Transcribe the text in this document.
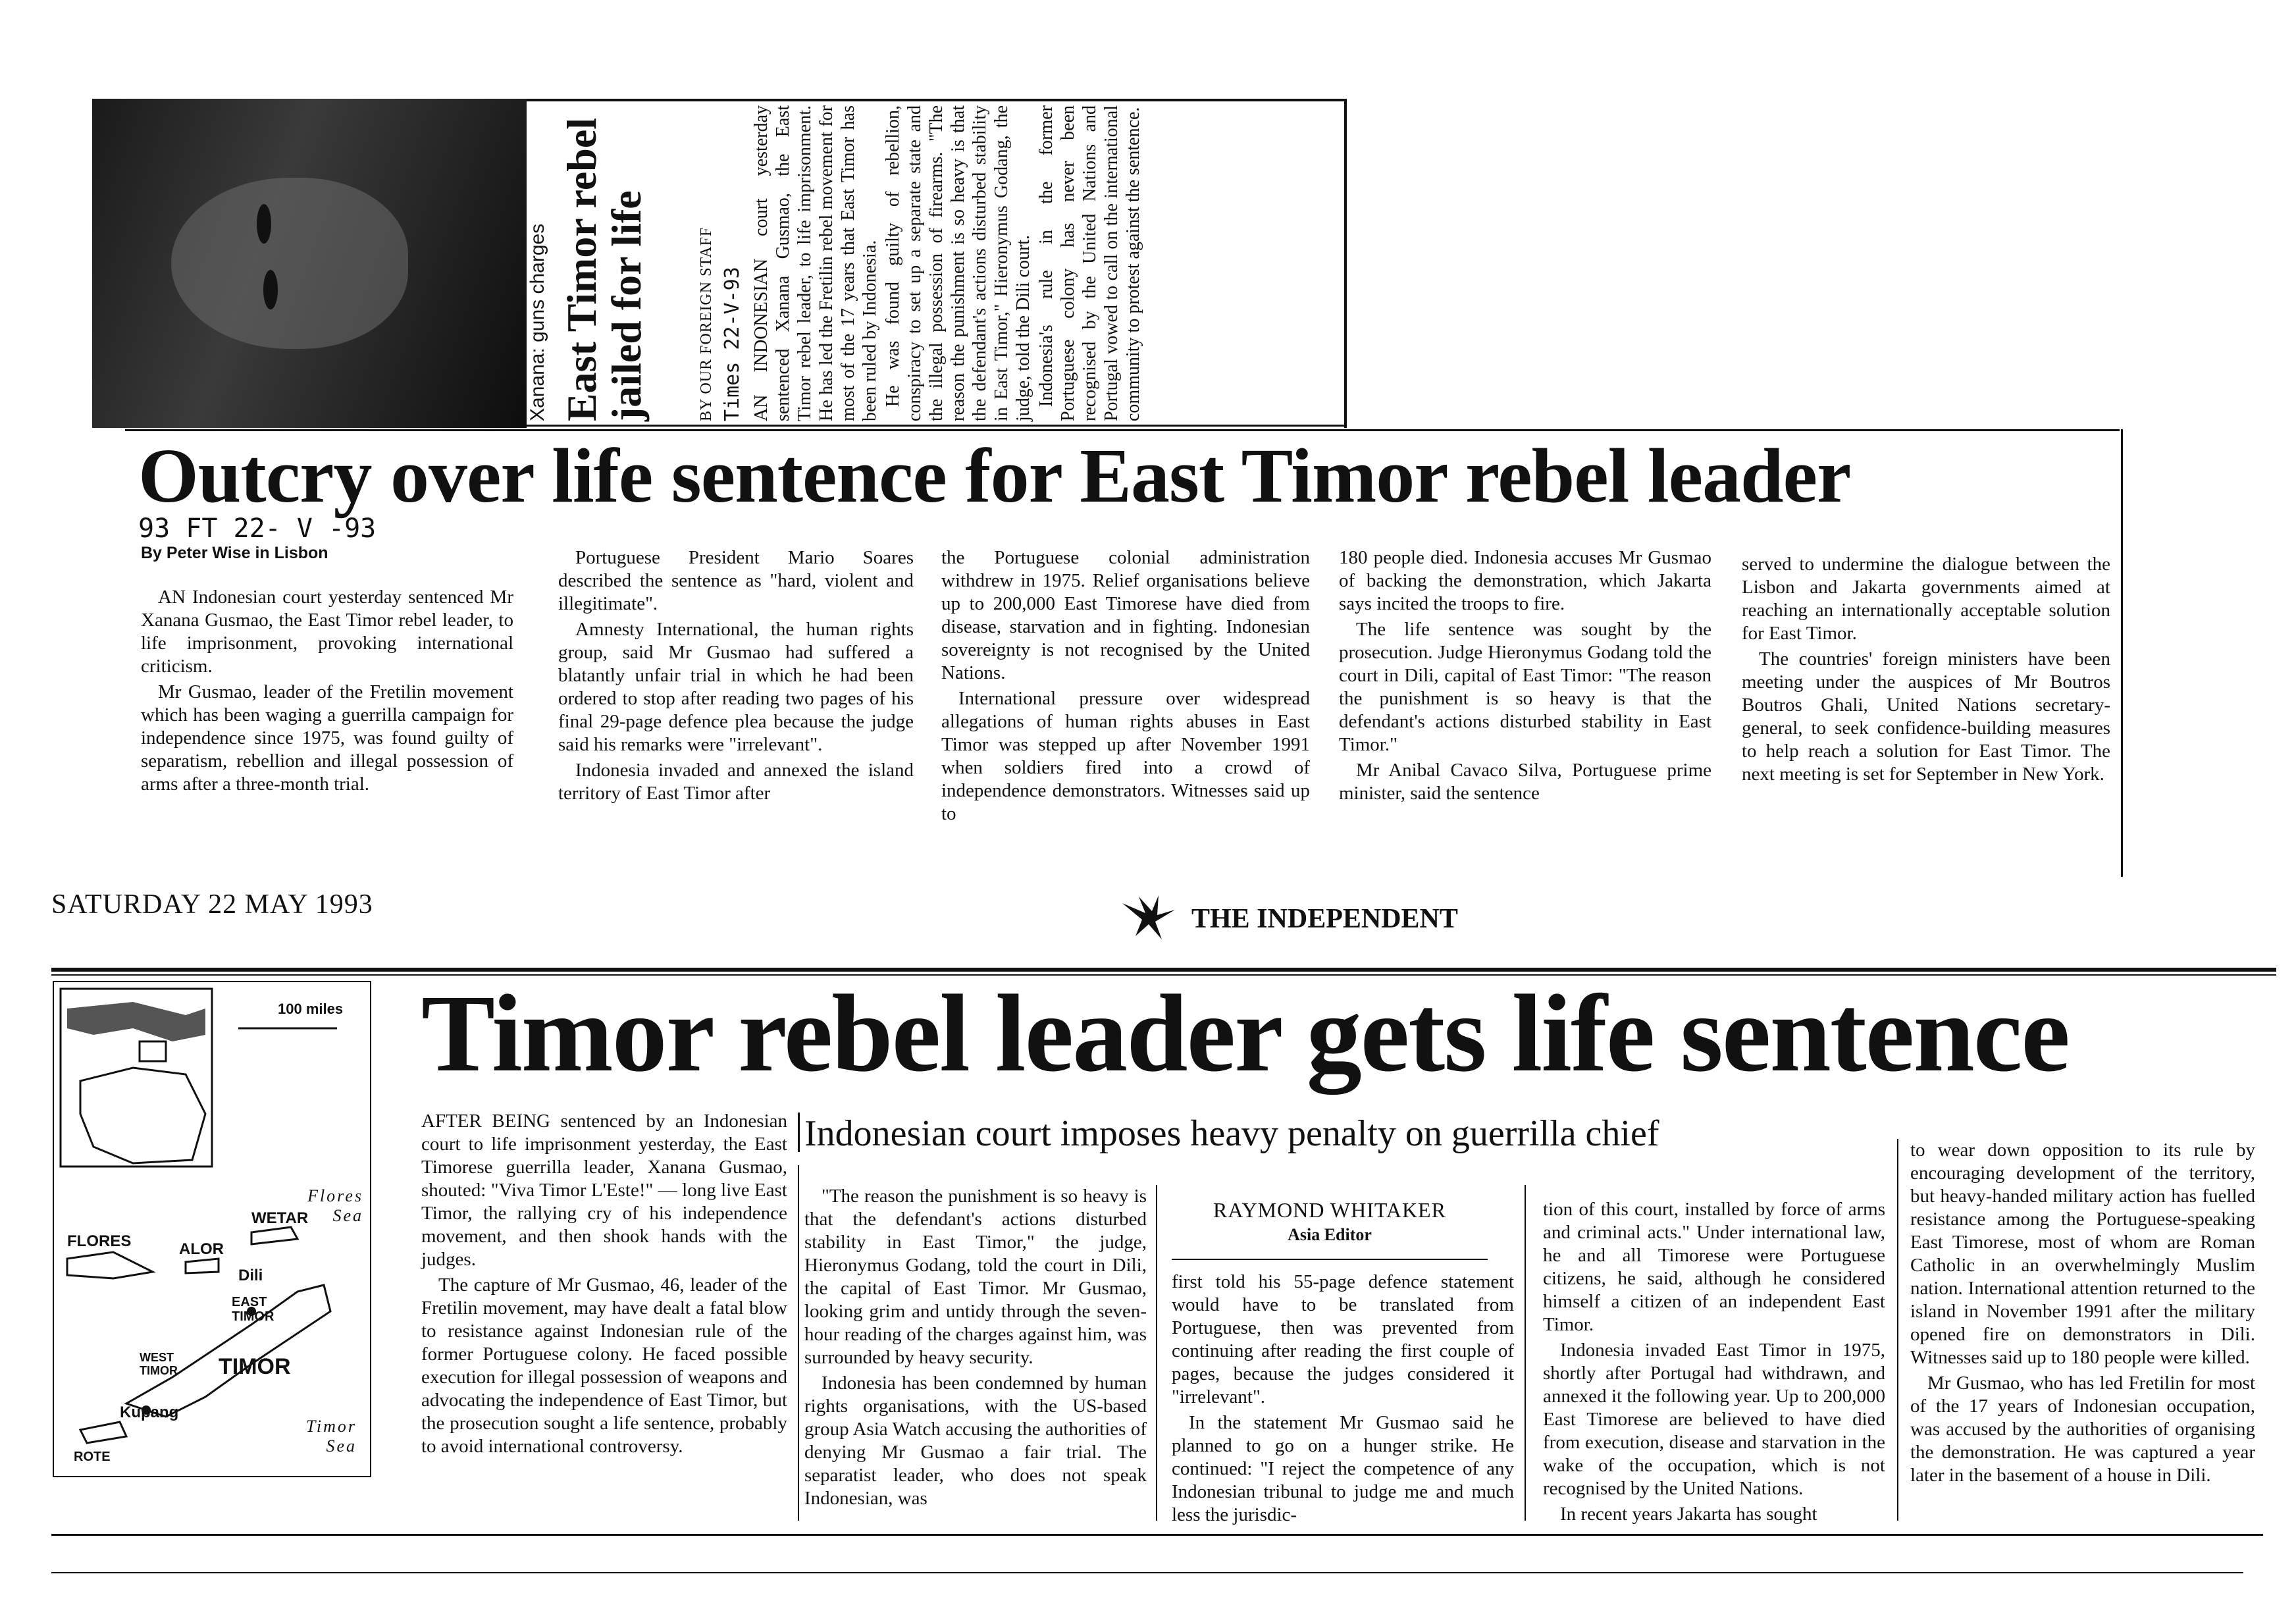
Xanana: guns charges East Timor rebel jailed for life	BY OUR FOREIGN STAFF Times 22-V-93 AN INDONESIAN court yesterday sentenced Xanana Gusmao, the East Timor rebel leader, to life imprisonment. He has led the Fretilin rebel movement for most of the 17 years that East Timor has been ruled by Indonesia. He was found guilty of rebellion, conspiracy to set up a separate state and the illegal possession of firearms. "The reason the punishment is so heavy is that the defendant's actions disturbed stability in East Timor," Hieronymus Godang, the judge, told the Dili court. Indonesia's rule in the former Portuguese colony has never been recognised by the United Nations and Portugal vowed to call on the international community to protest against the sentence.

Outcry over life sentence for East Timor rebel leader
93 FT 22- V -93
By Peter Wise in Lisbon

AN Indonesian court yesterday sentenced Mr Xanana Gusmao, the East Timor rebel leader, to life imprisonment, provoking international criticism.

Mr Gusmao, leader of the Fretilin movement which has been waging a guerrilla campaign for independence since 1975, was found guilty of separatism, rebellion and illegal possession of arms after a three-month trial.

Portuguese President Mario Soares described the sentence as "hard, violent and illegitimate".

Amnesty International, the human rights group, said Mr Gusmao had suffered a blatantly unfair trial in which he had been ordered to stop after reading two pages of his final 29-page defence plea because the judge said his remarks were "irrelevant".

Indonesia invaded and annexed the island territory of East Timor after

the Portuguese colonial administration withdrew in 1975. Relief organisations believe up to 200,000 East Timorese have died from disease, starvation and in fighting. Indonesian sovereignty is not recognised by the United Nations.

International pressure over widespread allegations of human rights abuses in East Timor was stepped up after November 1991 when soldiers fired into a crowd of independence demonstrators. Witnesses said up to

180 people died. Indonesia accuses Mr Gusmao of backing the demonstration, which Jakarta says incited the troops to fire.

The life sentence was sought by the prosecution. Judge Hieronymus Godang told the court in Dili, capital of East Timor: "The reason the punishment is so heavy is that the defendant's actions disturbed stability in East Timor."

Mr Anibal Cavaco Silva, Portuguese prime minister, said the sentence

served to undermine the dialogue between the Lisbon and Jakarta governments aimed at reaching an internationally acceptable solution for East Timor.

The countries' foreign ministers have been meeting under the auspices of Mr Boutros Boutros Ghali, United Nations secretary-general, to seek confidence-building measures to help reach a solution for East Timor. The next meeting is set for September in New York.

SATURDAY 22 MAY 1993	THE INDEPENDENT
100 miles
Flores Sea
WETAR
FLORES	ALOR
Dili
EAST TIMOR
WEST TIMOR	TIMOR
Kupang
ROTE
Timor Sea
Timor rebel leader gets life sentence
Indonesian court imposes heavy penalty on guerrilla chief

AFTER BEING sentenced by an Indonesian court to life imprisonment yesterday, the East Timorese guerrilla leader, Xanana Gusmao, shouted: "Viva Timor L'Este!" — long live East Timor, the rallying cry of his independence movement, and then shook hands with the judges.

The capture of Mr Gusmao, 46, leader of the Fretilin movement, may have dealt a fatal blow to resistance against Indonesian rule of the former Portuguese colony. He faced possible execution for illegal possession of weapons and advocating the independence of East Timor, but the prosecution sought a life sentence, probably to avoid international controversy.

"The reason the punishment is so heavy is that the defendant's actions disturbed stability in East Timor," the judge, Hieronymus Godang, told the court in Dili, the capital of East Timor. Mr Gusmao, looking grim and untidy through the seven-hour reading of the charges against him, was surrounded by heavy security.

Indonesia has been condemned by human rights organisations, with the US-based group Asia Watch accusing the authorities of denying Mr Gusmao a fair trial. The separatist leader, who does not speak Indonesian, was

RAYMOND WHITAKER
Asia Editor

first told his 55-page defence statement would have to be translated from Portuguese, then was prevented from continuing after reading the first couple of pages, because the judges considered it "irrelevant".

In the statement Mr Gusmao said he planned to go on a hunger strike. He continued: "I reject the competence of any Indonesian tribunal to judge me and much less the jurisdic-

tion of this court, installed by force of arms and criminal acts." Under international law, he and all Timorese were Portuguese citizens, he said, although he considered himself a citizen of an independent East Timor.

Indonesia invaded East Timor in 1975, shortly after Portugal had withdrawn, and annexed it the following year. Up to 200,000 East Timorese are believed to have died from execution, disease and starvation in the wake of the occupation, which is not recognised by the United Nations.

In recent years Jakarta has sought

to wear down opposition to its rule by encouraging development of the territory, but heavy-handed military action has fuelled resistance among the Portuguese-speaking East Timorese, most of whom are Roman Catholic in an overwhelmingly Muslim nation. International attention returned to the island in November 1991 after the military opened fire on demonstrators in Dili. Witnesses said up to 180 people were killed.

Mr Gusmao, who has led Fretilin for most of the 17 years of Indonesian occupation, was accused by the authorities of organising the demonstration. He was captured a year later in the basement of a house in Dili.
